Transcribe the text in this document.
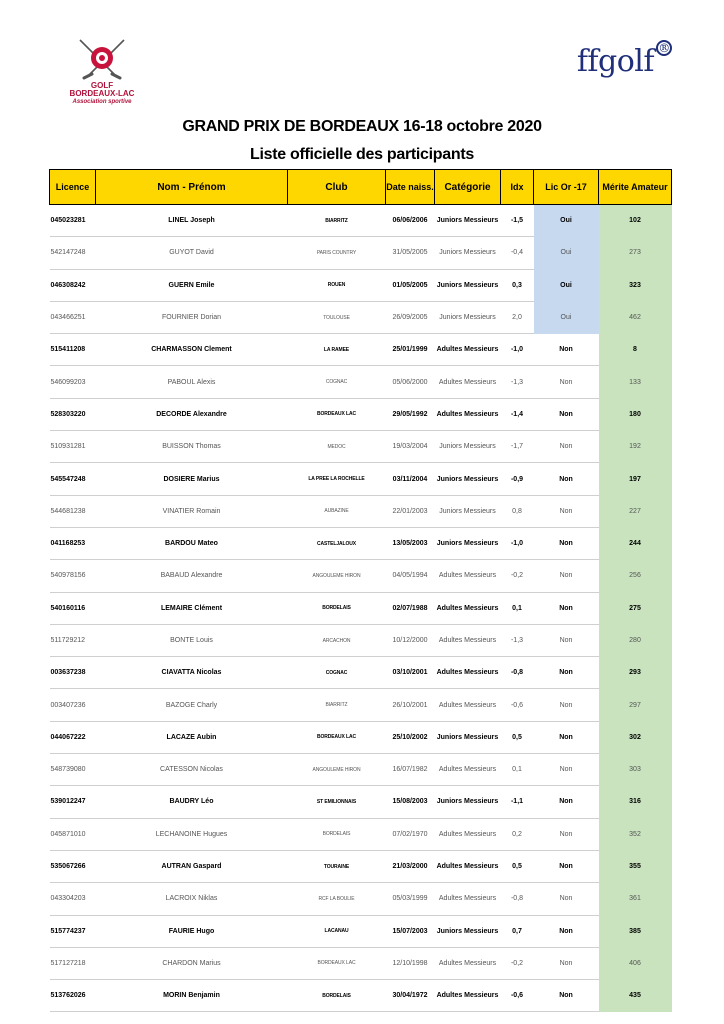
GOLF
BORDEAUX-LAC
Association sportive
ffgolf ®
GRAND PRIX DE BORDEAUX 16-18 octobre 2020
Liste officielle des participants
Licence	Nom - Prénom	Club	Date naiss.	Catégorie	Idx	Lic Or -17	Mérite Amateur
045023281	LINEL Joseph	BIARRITZ	06/06/2006	Juniors Messieurs	-1,5	Oui	102
542147248	GUYOT David	PARIS COUNTRY	31/05/2005	Juniors Messieurs	-0,4	Oui	273
046308242	GUERN Emile	ROUEN	01/05/2005	Juniors Messieurs	0,3	Oui	323
043466251	FOURNIER Dorian	TOULOUSE	26/09/2005	Juniors Messieurs	2,0	Oui	462
515411208	CHARMASSON Clement	LA RAMEE	25/01/1999	Adultes Messieurs	-1,0	Non	8
546099203	PABOUL Alexis	COGNAC	05/06/2000	Adultes Messieurs	-1,3	Non	133
528303220	DECORDE Alexandre	BORDEAUX LAC	29/05/1992	Adultes Messieurs	-1,4	Non	180
510931281	BUISSON Thomas	MEDOC	19/03/2004	Juniors Messieurs	-1,7	Non	192
545547248	DOSIERE Marius	LA PREE LA ROCHELLE	03/11/2004	Juniors Messieurs	-0,9	Non	197
544681238	VINATIER Romain	AUBAZINE	22/01/2003	Juniors Messieurs	0,8	Non	227
041168253	BARDOU Mateo	CASTELJALOUX	13/05/2003	Juniors Messieurs	-1,0	Non	244
540978156	BABAUD Alexandre	ANGOULEME HIRON	04/05/1994	Adultes Messieurs	-0,2	Non	256
540160116	LEMAIRE Clément	BORDELAIS	02/07/1988	Adultes Messieurs	0,1	Non	275
511729212	BONTE Louis	ARCACHON	10/12/2000	Adultes Messieurs	-1,3	Non	280
003637238	CIAVATTA Nicolas	COGNAC	03/10/2001	Adultes Messieurs	-0,8	Non	293
003407236	BAZOGE Charly	BIARRITZ	26/10/2001	Adultes Messieurs	-0,6	Non	297
044067222	LACAZE Aubin	BORDEAUX LAC	25/10/2002	Juniors Messieurs	0,5	Non	302
548739080	CATESSON Nicolas	ANGOULEME HIRON	16/07/1982	Adultes Messieurs	0,1	Non	303
539012247	BAUDRY Léo	ST EMILIONNAIS	15/08/2003	Juniors Messieurs	-1,1	Non	316
045871010	LECHANOINE Hugues	BORDELAIS	07/02/1970	Adultes Messieurs	0,2	Non	352
535067266	AUTRAN Gaspard	TOURAINE	21/03/2000	Adultes Messieurs	0,5	Non	355
043304203	LACROIX Niklas	RCF LA BOULIE	05/03/1999	Adultes Messieurs	-0,8	Non	361
515774237	FAURIE Hugo	LACANAU	15/07/2003	Juniors Messieurs	0,7	Non	385
517127218	CHARDON Marius	BORDEAUX LAC	12/10/1998	Adultes Messieurs	-0,2	Non	406
513762026	MORIN Benjamin	BORDELAIS	30/04/1972	Adultes Messieurs	-0,6	Non	435
